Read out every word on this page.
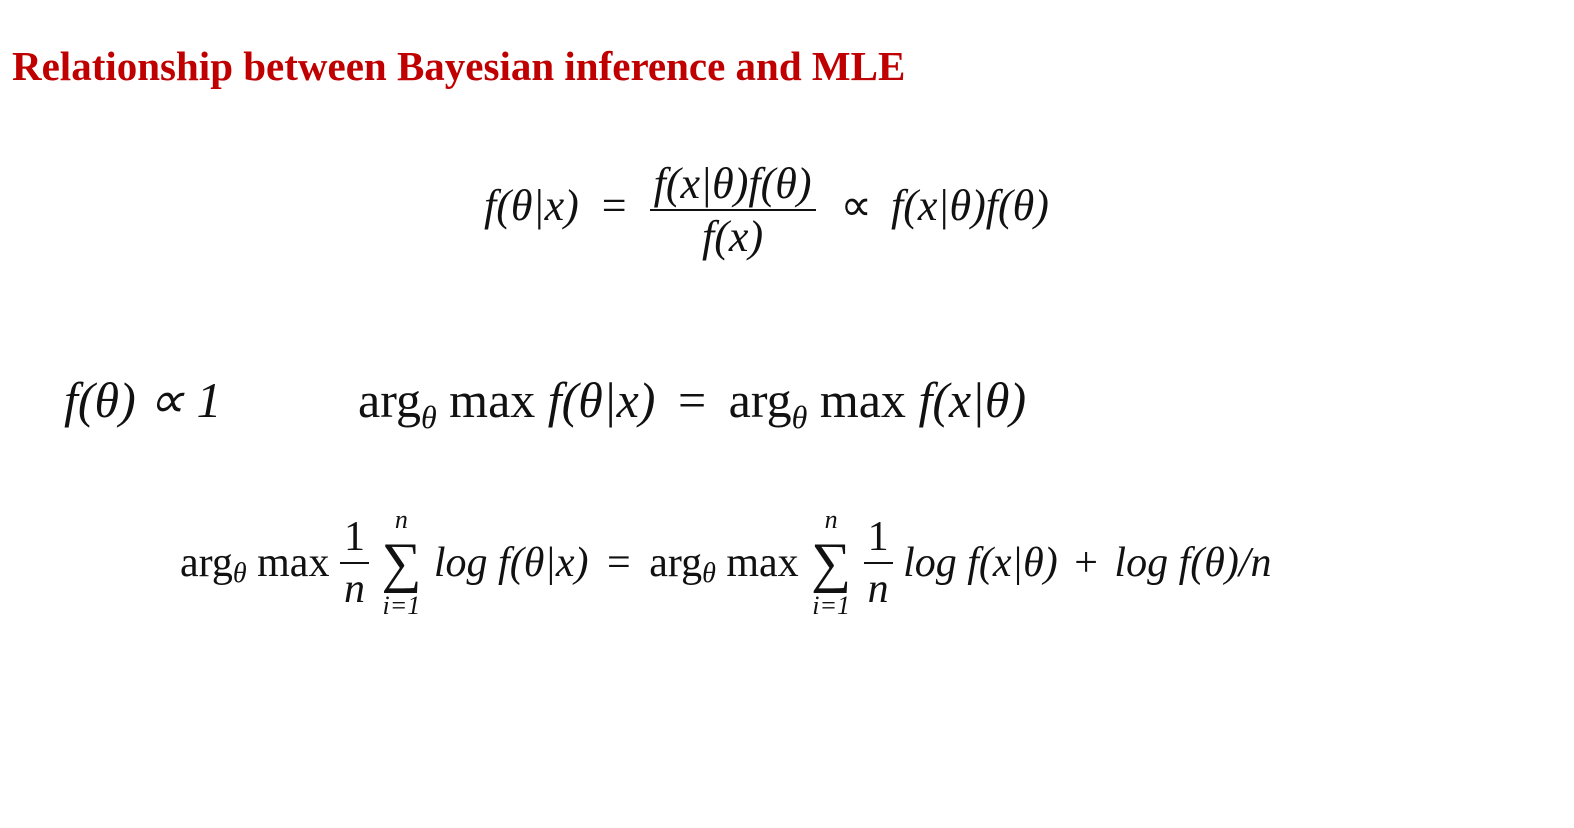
Relationship between Bayesian inference and MLE
$f(\theta|x) = \frac{f(x|\theta)f(\theta)}{f(x)} \propto f(x|\theta)f(\theta)$
f(θ) ∝ 1	arg$_\theta$ max f(θ|x) = arg$_\theta$ max f(x|θ)
arg$_\theta$ $\max \frac{1}{n}$
n
∑
i=1
log f(θ|x) = arg$_\theta$ max
n
∑
i=1
$\frac{1}{n}$ log f(x|θ) + log f(θ)/n
